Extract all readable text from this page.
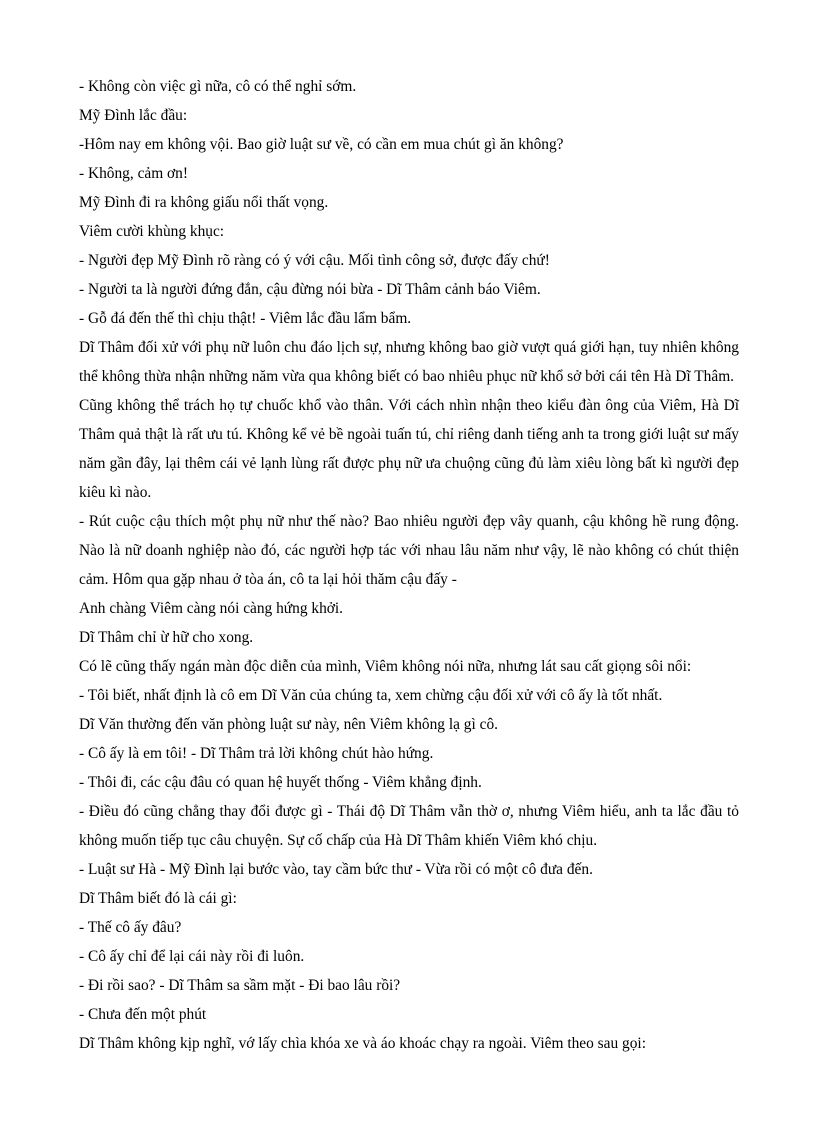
- Không còn việc gì nữa, cô có thể nghỉ sớm.

Mỹ Đình lắc đầu:

-Hôm nay em không vội. Bao giờ luật sư về, có cần em mua chút gì ăn không?

- Không, cảm ơn!

Mỹ Đình đi ra không giấu nổi thất vọng.

Viêm cười khùng khục:

- Người đẹp Mỹ Đình rõ ràng có ý với cậu. Mối tình công sở, được đấy chứ!

- Người ta là người đứng đắn, cậu đừng nói bừa - Dĩ Thâm cảnh báo Viêm.

- Gỗ đá đến thế thì chịu thật! - Viêm lắc đầu lẩm bẩm.

Dĩ Thâm đối xử với phụ nữ luôn chu đáo lịch sự, nhưng không bao giờ vượt quá giới hạn, tuy nhiên không thể không thừa nhận những năm vừa qua không biết có bao nhiêu phục nữ khổ sở bởi cái tên Hà Dĩ Thâm.

Cũng không thể trách họ tự chuốc khổ vào thân. Với cách nhìn nhận theo kiểu đàn ông của Viêm, Hà Dĩ Thâm quả thật là rất ưu tú. Không kể vẻ bề ngoài tuấn tú, chỉ riêng danh tiếng anh ta trong giới luật sư mấy năm gần đây, lại thêm cái vẻ lạnh lùng rất được phụ nữ ưa chuộng cũng đủ làm xiêu lòng bất kì người đẹp kiêu kì nào.

- Rút cuộc cậu thích một phụ nữ như thế nào? Bao nhiêu người đẹp vây quanh, cậu không hề rung động. Nào là nữ doanh nghiệp nào đó, các người hợp tác với nhau lâu năm như vậy, lẽ nào không có chút thiện cảm. Hôm qua gặp nhau ở tòa án, cô ta lại hỏi thăm cậu đấy -

Anh chàng Viêm càng nói càng hứng khởi.

Dĩ Thâm chỉ ừ hữ cho xong.

Có lẽ cũng thấy ngán màn độc diễn của mình, Viêm không nói nữa, nhưng lát sau cất giọng sôi nổi:

- Tôi biết, nhất định là cô em Dĩ Văn của chúng ta, xem chừng cậu đối xử với cô ấy là tốt nhất.

Dĩ Văn thường đến văn phòng luật sư này, nên Viêm không lạ gì cô.

- Cô ấy là em tôi! - Dĩ Thâm trả lời không chút hào hứng.

- Thôi đi, các cậu đâu có quan hệ huyết thống - Viêm khẳng định.

- Điều đó cũng chẳng thay đổi được gì - Thái độ Dĩ Thâm vẫn thờ ơ, nhưng Viêm hiểu, anh ta lắc đầu tỏ không muốn tiếp tục câu chuyện. Sự cố chấp của Hà Dĩ Thâm khiến Viêm khó chịu.

- Luật sư Hà - Mỹ Đình lại bước vào, tay cầm bức thư - Vừa rồi có một cô đưa đến.

Dĩ Thâm biết đó là cái gì:

- Thế cô ấy đâu?

- Cô ấy chỉ để lại cái này rồi đi luôn.

- Đi rồi sao? - Dĩ Thâm sa sầm mặt - Đi bao lâu rồi?

- Chưa đến một phút

Dĩ Thâm không kịp nghĩ, vớ lấy chìa khóa xe và áo khoác chạy ra ngoài. Viêm theo sau gọi:
